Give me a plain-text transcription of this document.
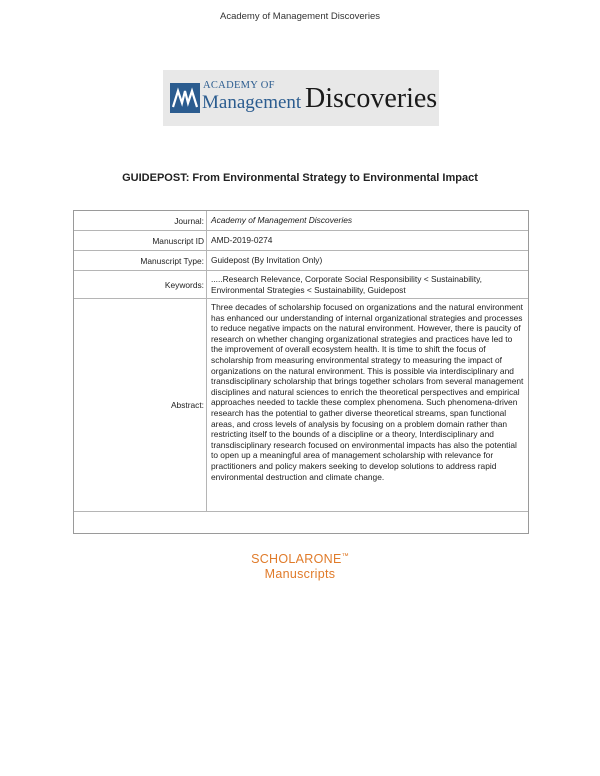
Academy of Management Discoveries
ACADEMY OF
Management Discoveries
GUIDEPOST: From Environmental Strategy to Environmental Impact
Journal: Academy of Management Discoveries
Manuscript ID AMD-2019-0274
Manuscript Type: Guidepost (By Invitation Only)
Keywords:
.....Research Relevance, Corporate Social Responsibility < Sustainability, Environmental Strategies < Sustainability, Guidepost
Abstract:
Three decades of scholarship focused on organizations and the natural environment has enhanced our understanding of internal organizational strategies and processes to reduce negative impacts on the natural environment. However, there is paucity of research on whether changing organizational strategies and practices have led to the improvement of overall ecosystem health. It is time to shift the focus of scholarship from measuring environmental strategy to measuring the impact of organizations on the natural environment. This is possible via interdisciplinary and transdisciplinary scholarship that brings together scholars from several management disciplines and natural sciences to enrich the theoretical perspectives and empirical approaches needed to tackle these complex phenomena. Such phenomena-driven research has the potential to gather diverse theoretical streams, span functional areas, and cross levels of analysis by focusing on a problem domain rather than restricting itself to the bounds of a discipline or a theory, Interdisciplinary and transdisciplinary research focused on environmental impacts has also the potential to open up a meaningful area of management scholarship with relevance for practitioners and policy makers seeking to develop solutions to address rapid environmental destruction and climate change.
SCHOLARONE™
Manuscripts
